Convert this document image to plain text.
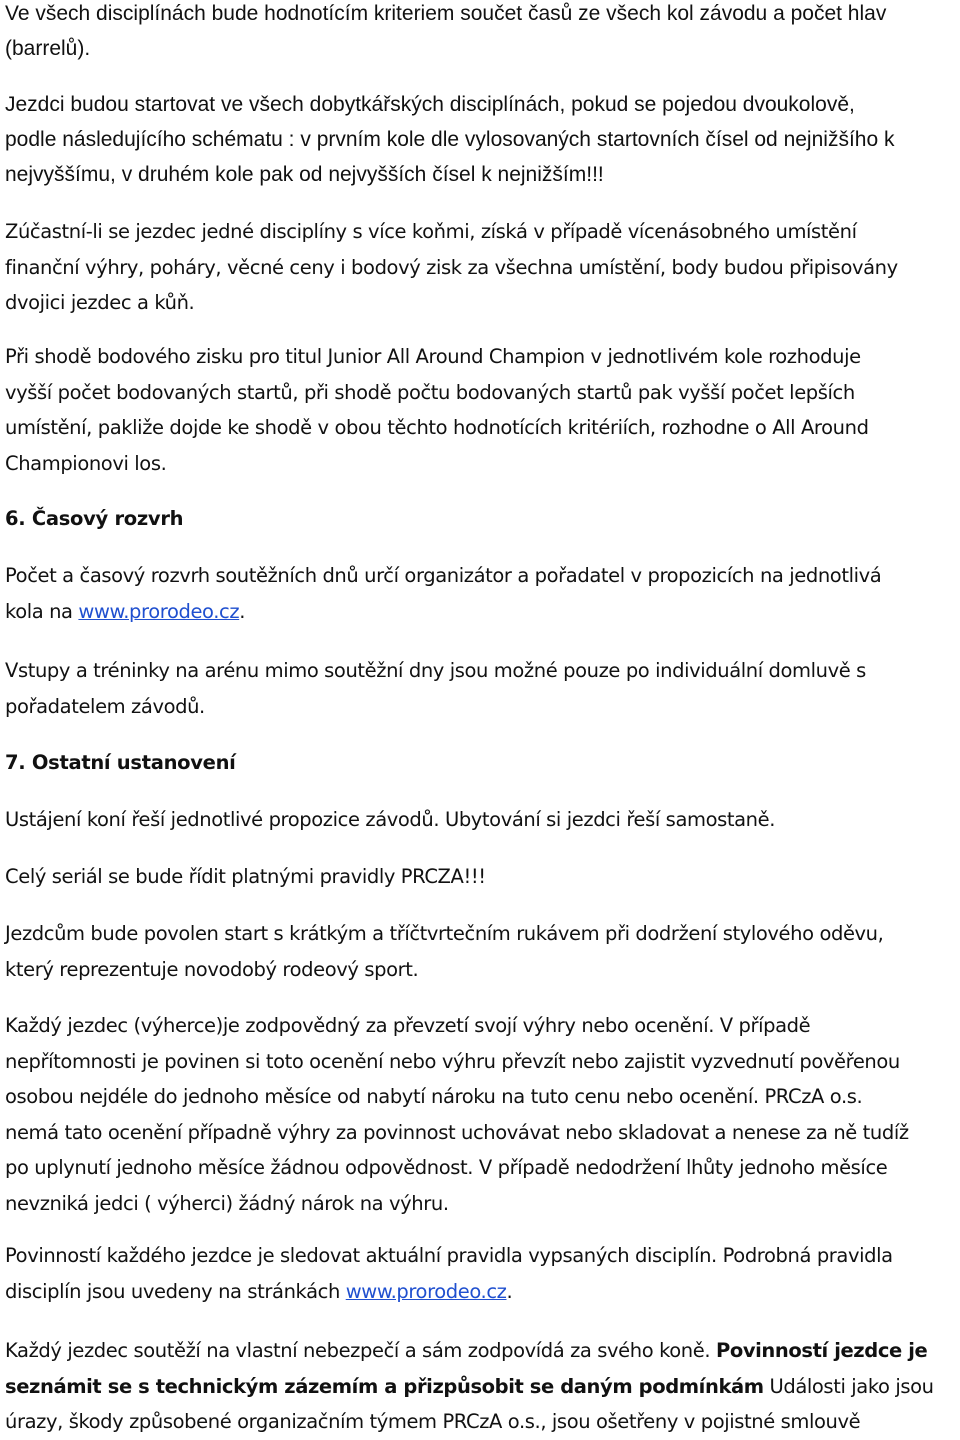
Ve všech disciplínách bude hodnotícím kriteriem součet časů ze všech kol závodu a počet hlav
(barrelů).
Jezdci budou startovat ve všech dobytkářských disciplínách, pokud se pojedou dvoukolově,
podle následujícího schématu : v prvním kole dle vylosovaných startovních čísel od nejnižšího k
nejvyššímu, v druhém kole pak od nejvyšších čísel k nejnižším!!!
Zúčastní-li se jezdec jedné disciplíny s více koňmi, získá v případě vícenásobného umístění
finanční výhry, poháry, věcné ceny i bodový zisk za všechna umístění, body budou připisovány
dvojici jezdec a kůň.
Při shodě bodového zisku pro titul Junior All Around Champion v jednotlivém kole rozhoduje
vyšší počet bodovaných startů, při shodě počtu bodovaných startů pak vyšší počet lepších
umístění, pakliže dojde ke shodě v obou těchto hodnotících kritériích, rozhodne o All Around
Championovi los.
6. Časový rozvrh
Počet a časový rozvrh soutěžních dnů určí organizátor a pořadatel v propozicích na jednotlivá
kola na www.prorodeo.cz.
Vstupy a tréninky na arénu mimo soutěžní dny jsou možné pouze po individuální domluvě s
pořadatelem závodů.
7. Ostatní ustanovení
Ustájení koní řeší jednotlivé propozice závodů. Ubytování si jezdci řeší samostaně.
Celý seriál se bude řídit platnými pravidly PRCZA!!!
Jezdcům bude povolen start s krátkým a tříčtvrtečním rukávem při dodržení stylového oděvu,
který reprezentuje novodobý rodeový sport.
Každý jezdec (výherce)je zodpovědný za převzetí svojí výhry nebo ocenění. V případě
nepřítomnosti je povinen si toto ocenění nebo výhru převzít nebo zajistit vyzvednutí pověřenou
osobou nejdéle do jednoho měsíce od nabytí nároku na tuto cenu nebo ocenění. PRCzA o.s.
nemá tato ocenění případně výhry za povinnost uchovávat nebo skladovat a nenese za ně tudíž
po uplynutí jednoho měsíce žádnou odpovědnost. V případě nedodržení lhůty jednoho měsíce
nevzniká jedci ( výherci) žádný nárok na výhru.
Povinností každého jezdce je sledovat aktuální pravidla vypsaných disciplín. Podrobná pravidla
disciplín jsou uvedeny na stránkách www.prorodeo.cz.
Každý jezdec soutěží na vlastní nebezpečí a sám zodpovídá za svého koně. Povinností jezdce je
seznámit se s technickým zázemím a přizpůsobit se daným podmínkám Události jako jsou
úrazy, škody způsobené organizačním týmem PRCzA o.s., jsou ošetřeny v pojistné smlouvě
